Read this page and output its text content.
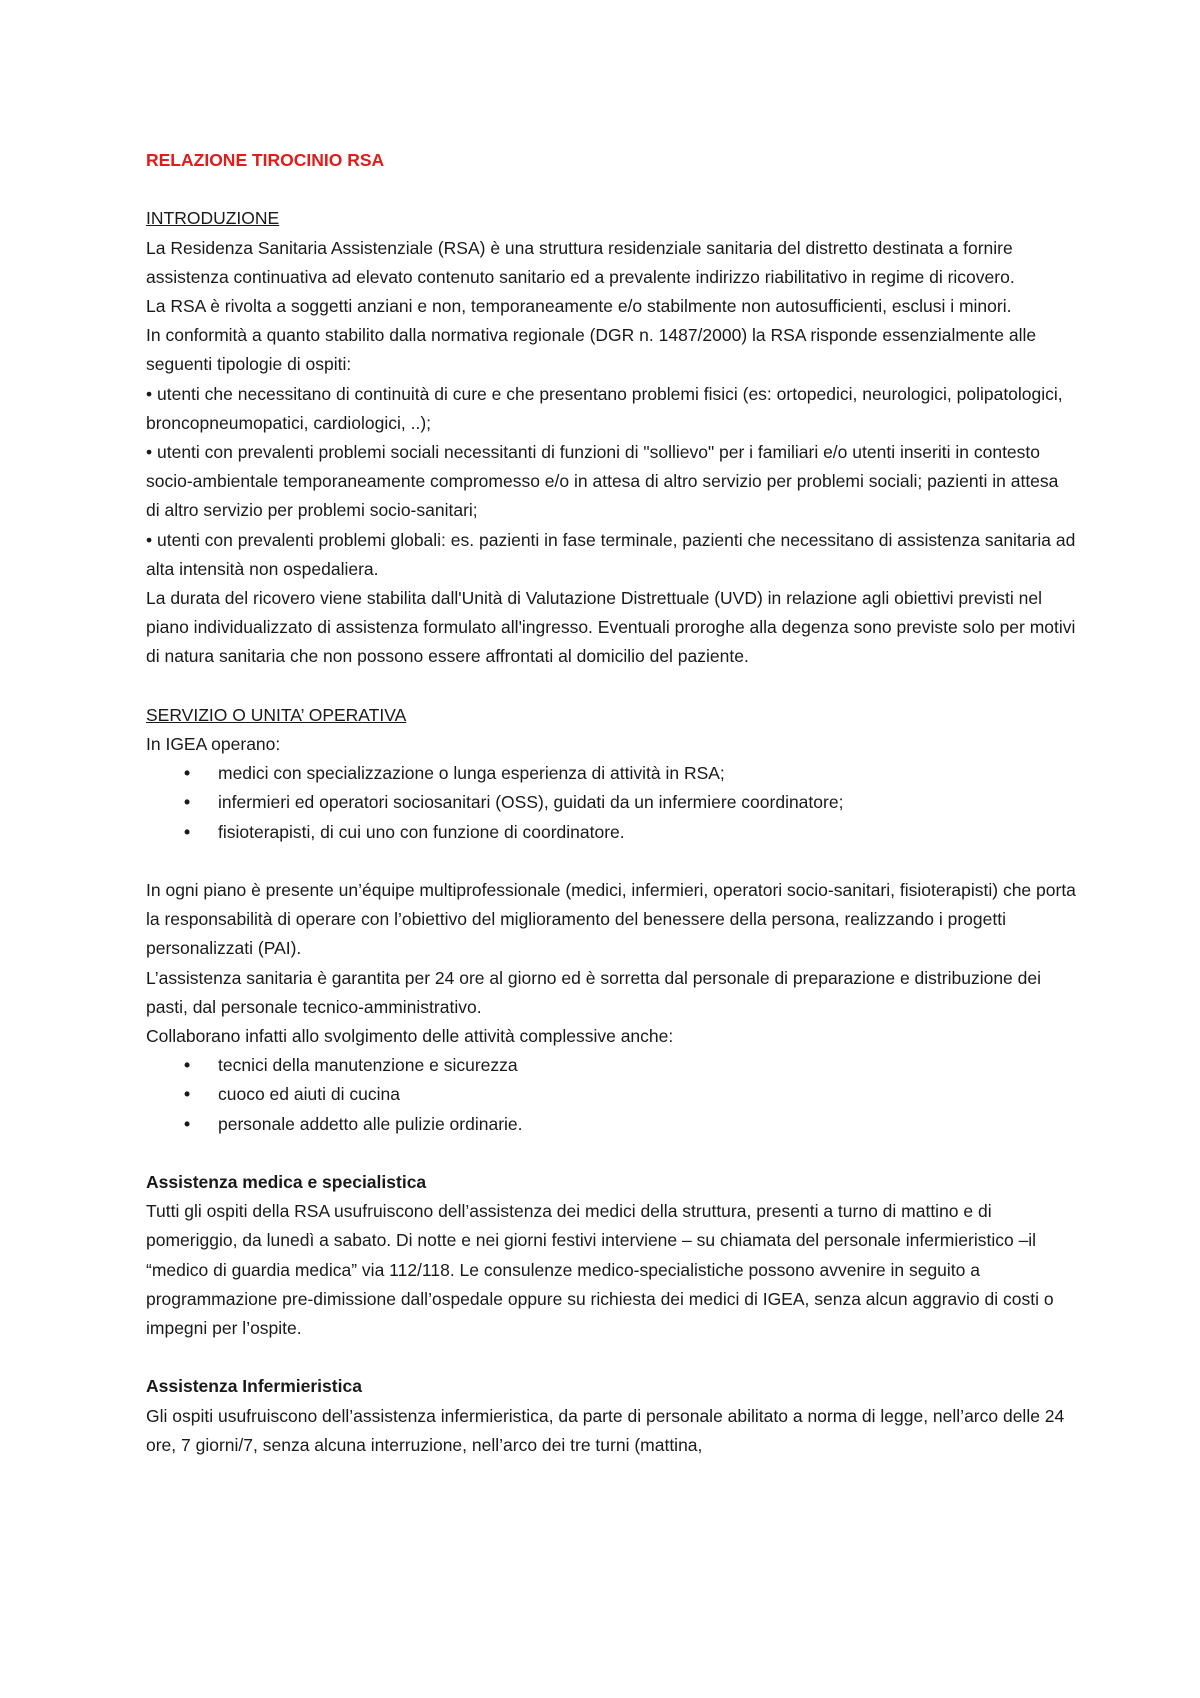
RELAZIONE TIROCINIO RSA

INTRODUZIONE

La Residenza Sanitaria Assistenziale (RSA) è una struttura residenziale sanitaria del distretto destinata a fornire assistenza continuativa ad elevato contenuto sanitario ed a prevalente indirizzo riabilitativo in regime di ricovero.

La RSA è rivolta a soggetti anziani e non, temporaneamente e/o stabilmente non autosufficienti, esclusi i minori.

In conformità a quanto stabilito dalla normativa regionale (DGR n. 1487/2000) la RSA risponde essenzialmente alle seguenti tipologie di ospiti:

• utenti che necessitano di continuità di cure e che presentano problemi fisici (es: ortopedici, neurologici, polipatologici, broncopneumopatici, cardiologici, ..);

• utenti con prevalenti problemi sociali necessitanti di funzioni di "sollievo" per i familiari e/o utenti inseriti in contesto socio-ambientale temporaneamente compromesso e/o in attesa di altro servizio per problemi sociali; pazienti in attesa di altro servizio per problemi socio-sanitari;

• utenti con prevalenti problemi globali: es. pazienti in fase terminale, pazienti che necessitano di assistenza sanitaria ad alta intensità non ospedaliera.

La durata del ricovero viene stabilita dall'Unità di Valutazione Distrettuale (UVD) in relazione agli obiettivi previsti nel piano individualizzato di assistenza formulato all'ingresso. Eventuali proroghe alla degenza sono previste solo per motivi di natura sanitaria che non possono essere affrontati al domicilio del paziente.

SERVIZIO O UNITA’ OPERATIVA

In IGEA operano:

• medici con specializzazione o lunga esperienza di attività in RSA;
• infermieri ed operatori sociosanitari (OSS), guidati da un infermiere coordinatore;
• fisioterapisti, di cui uno con funzione di coordinatore.

In ogni piano è presente un’équipe multiprofessionale (medici, infermieri, operatori socio-sanitari, fisioterapisti) che porta la responsabilità di operare con l’obiettivo del miglioramento del benessere della persona, realizzando i progetti personalizzati (PAI).

L’assistenza sanitaria è garantita per 24 ore al giorno ed è sorretta dal personale di preparazione e distribuzione dei pasti, dal personale tecnico-amministrativo.

Collaborano infatti allo svolgimento delle attività complessive anche:

• tecnici della manutenzione e sicurezza
• cuoco ed aiuti di cucina
• personale addetto alle pulizie ordinarie.

Assistenza medica e specialistica

Tutti gli ospiti della RSA usufruiscono dell’assistenza dei medici della struttura, presenti a turno di mattino e di pomeriggio, da lunedì a sabato. Di notte e nei giorni festivi interviene – su chiamata del personale infermieristico –il “medico di guardia medica” via 112/118. Le consulenze medico-specialistiche possono avvenire in seguito a programmazione pre-dimissione dall’ospedale oppure su richiesta dei medici di IGEA, senza alcun aggravio di costi o impegni per l’ospite.

Assistenza Infermieristica

Gli ospiti usufruiscono dell’assistenza infermieristica, da parte di personale abilitato a norma di legge, nell’arco delle 24 ore, 7 giorni/7, senza alcuna interruzione, nell’arco dei tre turni (mattina,
